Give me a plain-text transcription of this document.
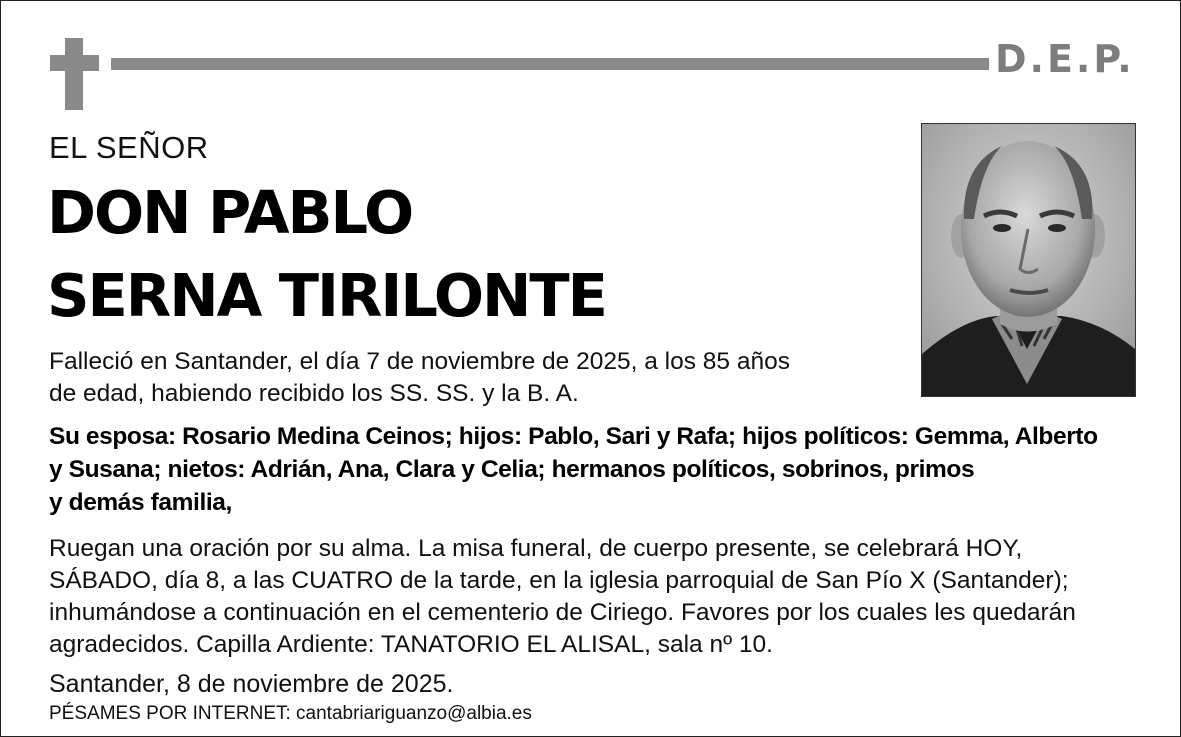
D.E.P.
EL SEÑOR
DON PABLO
SERNA TIRILONTE
Falleció en Santander, el día 7 de noviembre de 2025, a los 85 años
de edad, habiendo recibido los SS. SS. y la B. A.
Su esposa: Rosario Medina Ceinos; hijos: Pablo, Sari y Rafa; hijos políticos: Gemma, Alberto
y Susana; nietos: Adrián, Ana, Clara y Celia; hermanos políticos, sobrinos, primos
y demás familia,
Ruegan una oración por su alma. La misa funeral, de cuerpo presente, se celebrará HOY,
SÁBADO, día 8, a las CUATRO de la tarde, en la iglesia parroquial de San Pío X (Santander);
inhumándose a continuación en el cementerio de Ciriego. Favores por los cuales les quedarán
agradecidos. Capilla Ardiente: TANATORIO EL ALISAL, sala nº 10.
Santander, 8 de noviembre de 2025.
PÉSAMES POR INTERNET: cantabriariguanzo@albia.es
